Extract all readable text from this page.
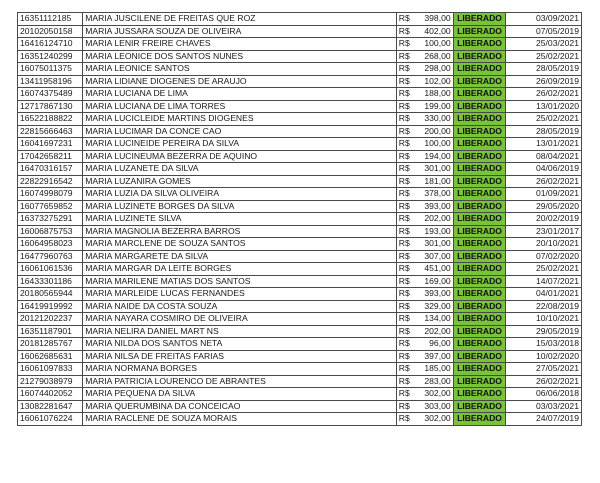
16351112185	MARIA JUSCILENE DE FREITAS QUE ROZ	R$ 398,00	LIBERADO	03/09/2021
20102050158	MARIA JUSSARA SOUZA DE OLIVEIRA	R$ 402,00	LIBERADO	07/05/2019
16416124710	MARIA LENIR FREIRE CHAVES	R$ 100,00	LIBERADO	25/03/2021
16351240299	MARIA LEONICE DOS SANTOS NUNES	R$ 268,00	LIBERADO	25/02/2021
16075011375	MARIA LEONICE SANTOS	R$ 298,00	LIBERADO	28/05/2019
13411958196	MARIA LIDIANE DIOGENES DE ARAUJO	R$ 102,00	LIBERADO	26/09/2019
16074375489	MARIA LUCIANA DE LIMA	R$ 188,00	LIBERADO	26/02/2021
12717867130	MARIA LUCIANA DE LIMA TORRES	R$ 199,00	LIBERADO	13/01/2020
16522188822	MARIA LUCICLEIDE MARTINS DIOGENES	R$ 330,00	LIBERADO	25/02/2021
22815666463	MARIA LUCIMAR DA CONCE CAO	R$ 200,00	LIBERADO	28/05/2019
16041697231	MARIA LUCINEIDE PEREIRA DA SILVA	R$ 100,00	LIBERADO	13/01/2021
17042658211	MARIA LUCINEUMA BEZERRA DE AQUINO	R$ 194,00	LIBERADO	08/04/2021
16470316157	MARIA LUZANETE DA SILVA	R$ 301,00	LIBERADO	04/06/2019
22822916542	MARIA LUZANIRA GOMES	R$ 181,00	LIBERADO	26/02/2021
16074998079	MARIA LUZIA DA SILVA OLIVEIRA	R$ 378,00	LIBERADO	01/09/2021
16077659852	MARIA LUZINETE BORGES DA SILVA	R$ 393,00	LIBERADO	29/05/2020
16373275291	MARIA LUZINETE SILVA	R$ 202,00	LIBERADO	20/02/2019
16006875753	MARIA MAGNOLIA BEZERRA BARROS	R$ 193,00	LIBERADO	23/01/2017
16064958023	MARIA MARCLENE DE SOUZA SANTOS	R$ 301,00	LIBERADO	20/10/2021
16477960763	MARIA MARGARETE DA SILVA	R$ 307,00	LIBERADO	07/02/2020
16061061536	MARIA MARGAR DA LEITE BORGES	R$ 451,00	LIBERADO	25/02/2021
16433301186	MARIA MARILENE MATIAS DOS SANTOS	R$ 169,00	LIBERADO	14/07/2021
20180565944	MARIA MARLEIDE LUCAS FERNANDES	R$ 393,00	LIBERADO	04/01/2021
16419919992	MARIA NAIDE DA COSTA SOUZA	R$ 329,00	LIBERADO	22/08/2019
20121202237	MARIA NAYARA COSMIRO DE OLIVEIRA	R$ 134,00	LIBERADO	10/10/2021
16351187901	MARIA NELIRA DANIEL MART NS	R$ 202,00	LIBERADO	29/05/2019
20181285767	MARIA NILDA DOS SANTOS NETA	R$ 96,00	LIBERADO	15/03/2018
16062685631	MARIA NILSA DE FREITAS FARIAS	R$ 397,00	LIBERADO	10/02/2020
16061097833	MARIA NORMANA BORGES	R$ 185,00	LIBERADO	27/05/2021
21279038979	MARIA PATRICIA LOURENCO DE ABRANTES	R$ 283,00	LIBERADO	26/02/2021
16074402052	MARIA PEQUENA DA SILVA	R$ 302,00	LIBERADO	06/06/2018
13082281647	MARIA QUERUMBINA DA CONCEICAO	R$ 303,00	LIBERADO	03/03/2021
16061076224	MARIA RACLENE DE SOUZA MORAIS	R$ 302,00	LIBERADO	24/07/2019
